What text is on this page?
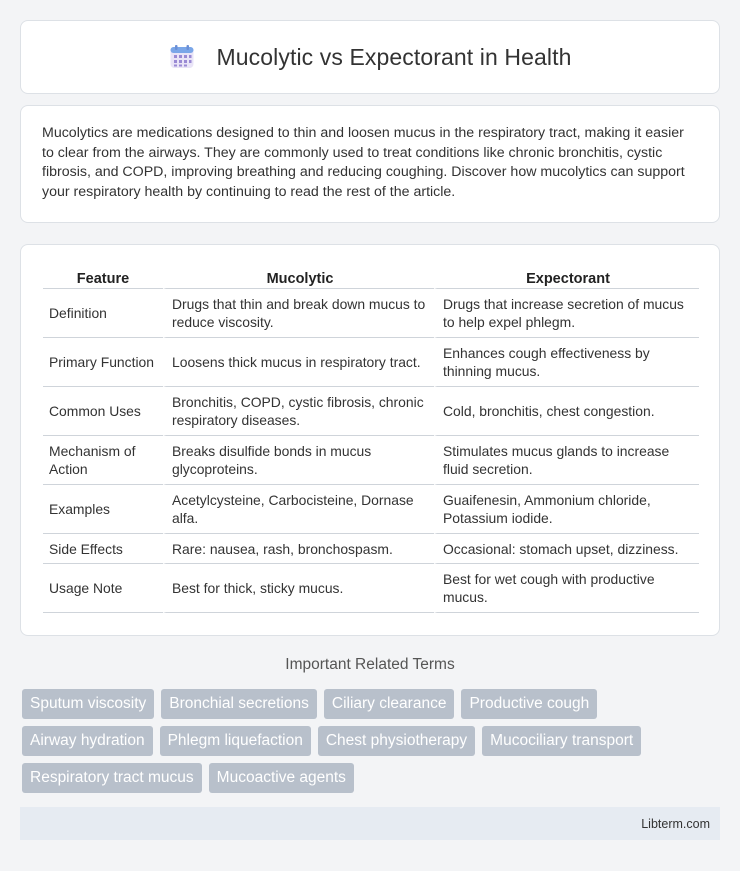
Mucolytic vs Expectorant in Health

Mucolytics are medications designed to thin and loosen mucus in the respiratory tract, making it easier to clear from the airways. They are commonly used to treat conditions like chronic bronchitis, cystic fibrosis, and COPD, improving breathing and reducing coughing. Discover how mucolytics can support your respiratory health by continuing to read the rest of the article.

Feature	Mucolytic	Expectorant
Definition	Drugs that thin and break down mucus to reduce viscosity.	Drugs that increase secretion of mucus to help expel phlegm.
Primary Function	Loosens thick mucus in respiratory tract.	Enhances cough effectiveness by thinning mucus.
Common Uses	Bronchitis, COPD, cystic fibrosis, chronic respiratory diseases.	Cold, bronchitis, chest congestion.
Mechanism of Action	Breaks disulfide bonds in mucus glycoproteins.	Stimulates mucus glands to increase fluid secretion.
Examples	Acetylcysteine, Carbocisteine, Dornase alfa.	Guaifenesin, Ammonium chloride, Potassium iodide.
Side Effects	Rare: nausea, rash, bronchospasm.	Occasional: stomach upset, dizziness.
Usage Note	Best for thick, sticky mucus.	Best for wet cough with productive mucus.
Important Related Terms
Sputum viscosity	Bronchial secretions	Ciliary clearance	Productive cough
Airway hydration	Phlegm liquefaction	Chest physiotherapy	Mucociliary transport
Respiratory tract mucus	Mucoactive agents
Libterm.com
